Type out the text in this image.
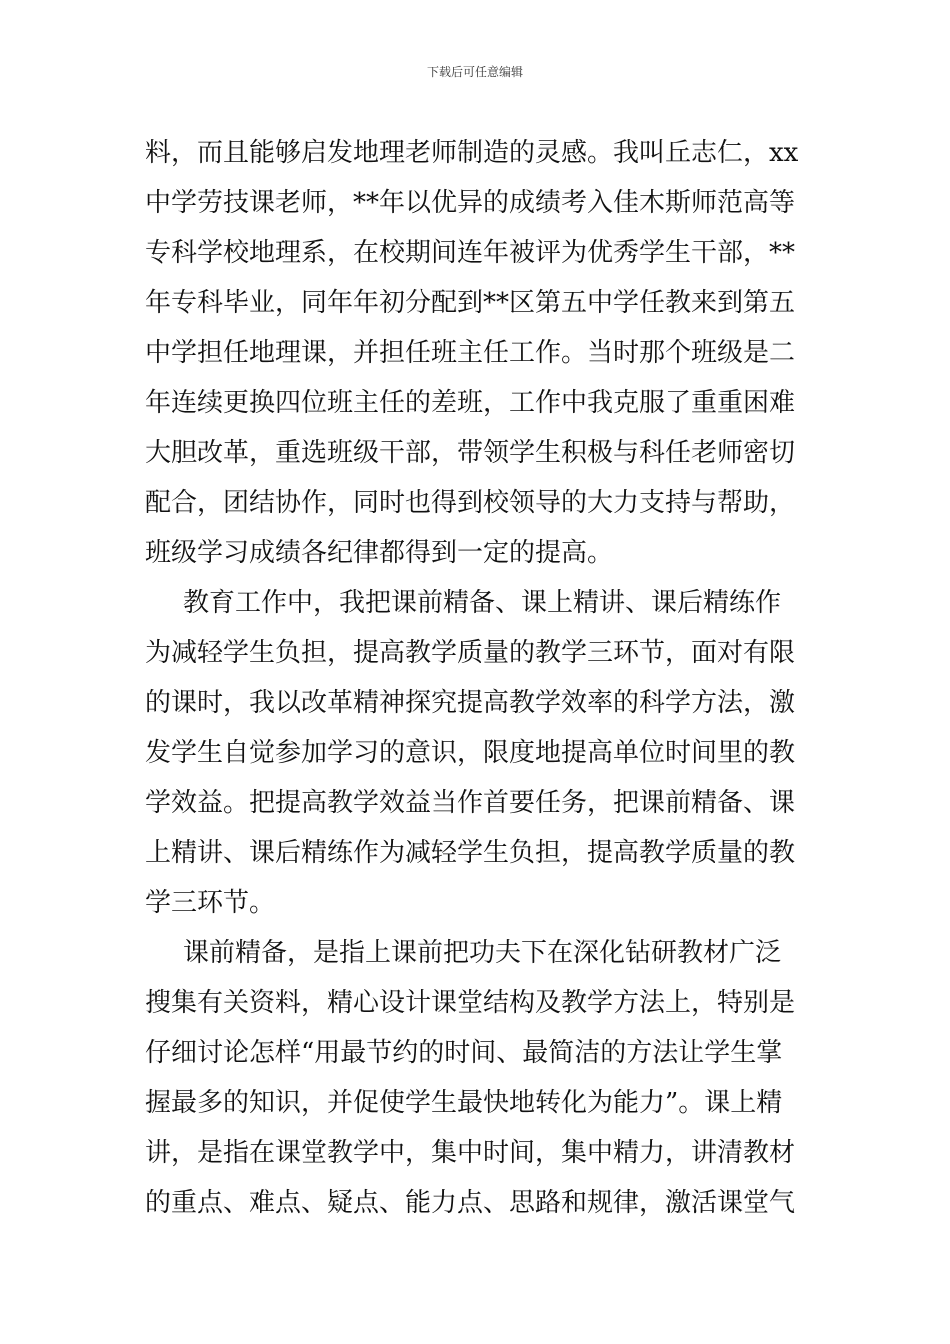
下载后可任意编辑
料，而且能够启发地理老师制造的灵感。我叫丘志仁，xx
中学劳技课老师，**年以优异的成绩考入佳木斯师范高等
专科学校地理系，在校期间连年被评为优秀学生干部，**
年专科毕业，同年年初分配到**区第五中学任教来到第五
中学担任地理课，并担任班主任工作。当时那个班级是二
年连续更换四位班主任的差班，工作中我克服了重重困难
大胆改革，重选班级干部，带领学生积极与科任老师密切
配合，团结协作，同时也得到校领导的大力支持与帮助，
班级学习成绩各纪律都得到一定的提高。
教育工作中，我把课前精备、课上精讲、课后精练作
为减轻学生负担，提高教学质量的教学三环节，面对有限
的课时，我以改革精神探究提高教学效率的科学方法，激
发学生自觉参加学习的意识，限度地提高单位时间里的教
学效益。把提高教学效益当作首要任务，把课前精备、课
上精讲、课后精练作为减轻学生负担，提高教学质量的教
学三环节。
课前精备，是指上课前把功夫下在深化钻研教材广泛
搜集有关资料，精心设计课堂结构及教学方法上，特别是
仔细讨论怎样“用最节约的时间、最简洁的方法让学生掌
握最多的知识，并促使学生最快地转化为能力”。课上精
讲，是指在课堂教学中，集中时间，集中精力，讲清教材
的重点、难点、疑点、能力点、思路和规律，激活课堂气
